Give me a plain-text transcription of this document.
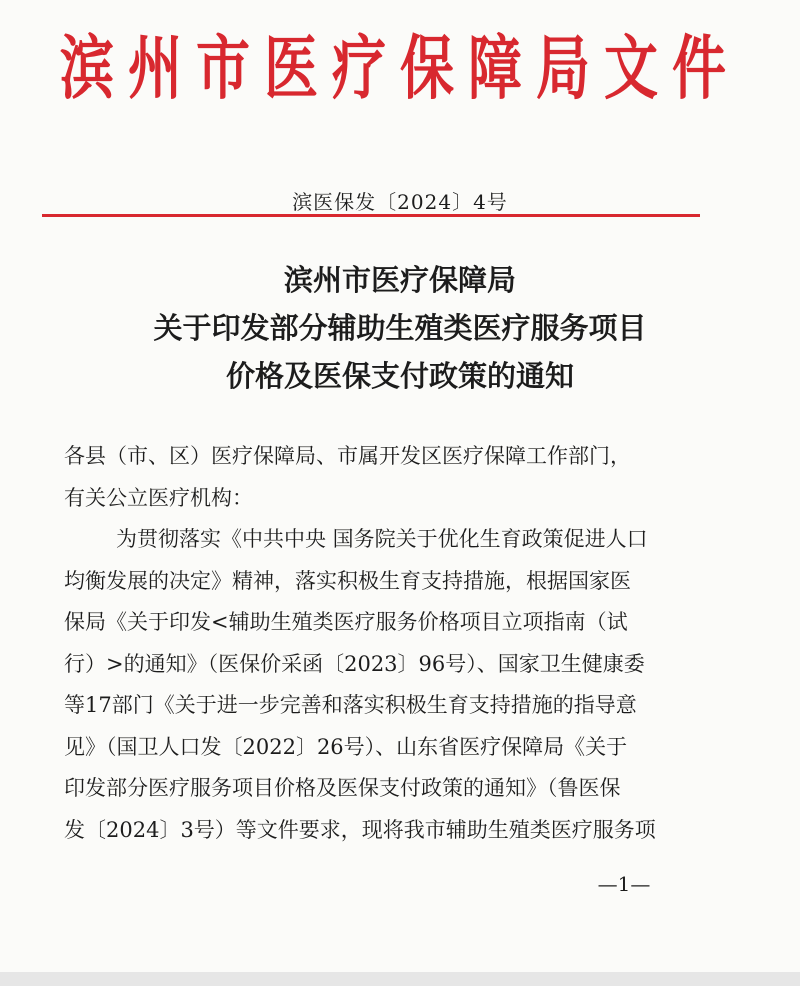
滨州市医疗保障局文件
滨医保发〔2024〕4号
滨州市医疗保障局
关于印发部分辅助生殖类医疗服务项目
价格及医保支付政策的通知
各县（市、区）医疗保障局、市属开发区医疗保障工作部门，
有关公立医疗机构：
为贯彻落实《中共中央 国务院关于优化生育政策促进人口
均衡发展的决定》精神，落实积极生育支持措施，根据国家医
保局《关于印发<辅助生殖类医疗服务价格项目立项指南（试
行）>的通知》（医保价采函〔2023〕96号）、国家卫生健康委
等17部门《关于进一步完善和落实积极生育支持措施的指导意
见》（国卫人口发〔2022〕26号）、山东省医疗保障局《关于
印发部分医疗服务项目价格及医保支付政策的通知》（鲁医保
发〔2024〕3号）等文件要求，现将我市辅助生殖类医疗服务项
—1—
